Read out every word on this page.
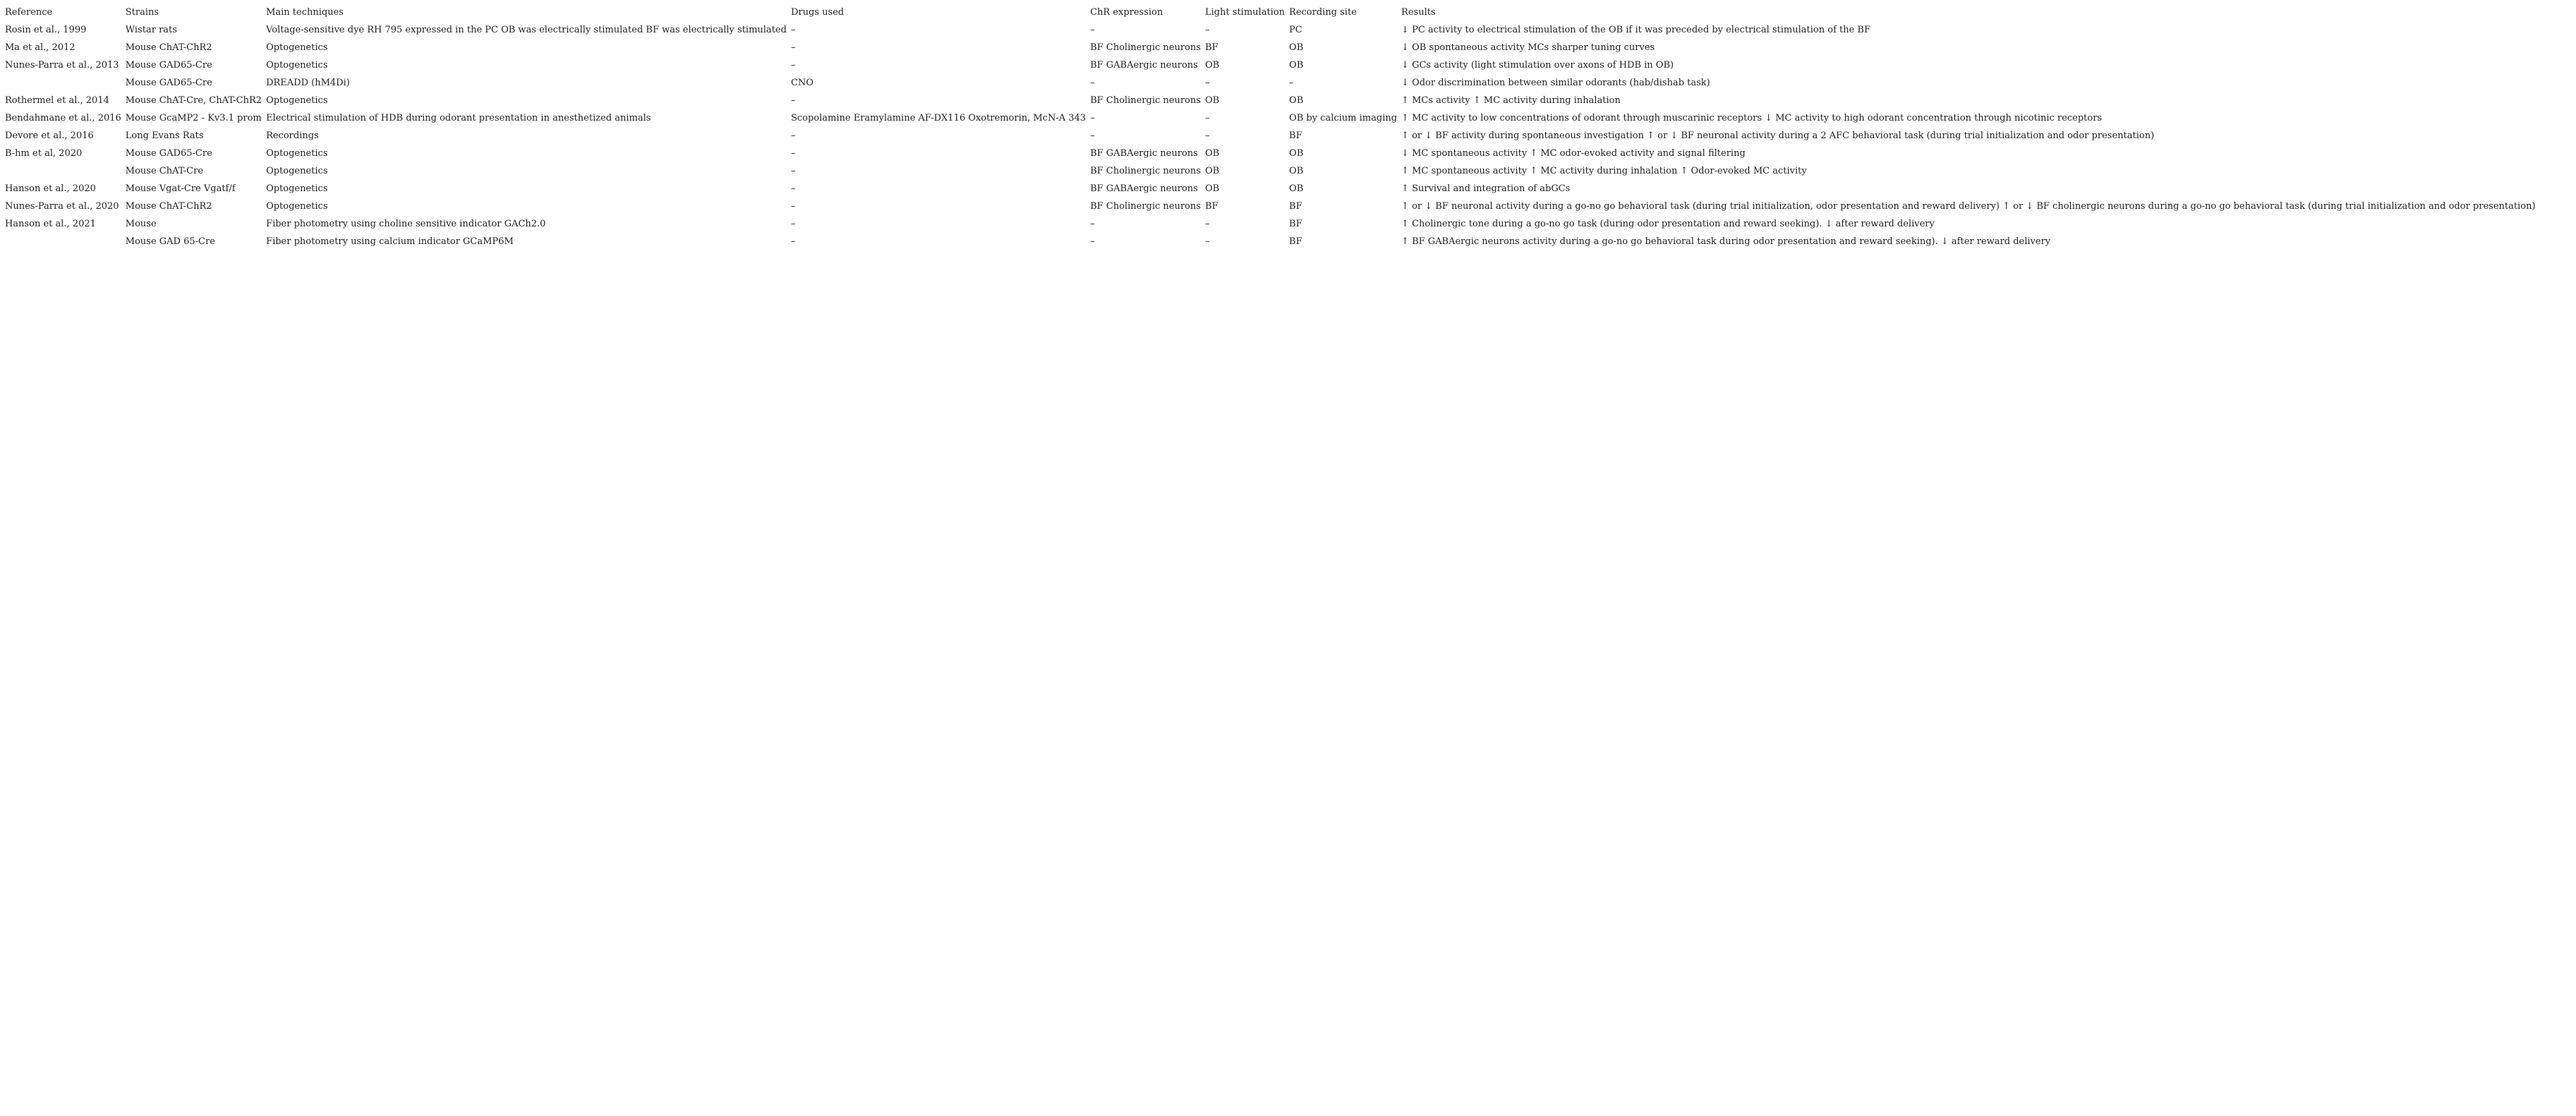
Reference	Strains	Main techniques	Drugs used	ChR expression	Light stimulation	Recording site	Results
Rosin et al., 1999	Wistar rats	Voltage-sensitive dye RH 795 expressed in the PC OB was electrically stimulated BF was electrically stimulated	–	–	–	PC	↓ PC activity to electrical stimulation of the OB if it was preceded by electrical stimulation of the BF
Ma et al., 2012	Mouse ChAT-ChR2	Optogenetics	–	BF Cholinergic neurons	BF	OB	↓ OB spontaneous activity MCs sharper tuning curves
Nunes-Parra et al., 2013	Mouse GAD65-Cre	Optogenetics	–	BF GABAergic neurons	OB	OB	↓ GCs activity (light stimulation over axons of HDB in OB)
	Mouse GAD65-Cre	DREADD (hM4Di)	CNO	–	–	–	↓ Odor discrimination between similar odorants (hab/dishab task)
Rothermel et al., 2014	Mouse ChAT-Cre, ChAT-ChR2	Optogenetics	–	BF Cholinergic neurons	OB	OB	↑ MCs activity ↑ MC activity during inhalation
Bendahmane et al., 2016	Mouse GcaMP2 - Kv3.1 prom	Electrical stimulation of HDB during odorant presentation in anesthetized animals	Scopolamine Eramylamine AF-DX116 Oxotremorin, McN-A 343	–	–	OB by calcium imaging	↑ MC activity to low concentrations of odorant through muscarinic receptors ↓ MC activity to high odorant concentration through nicotinic receptors
Devore et al., 2016	Long Evans Rats	Recordings	–	–	–	BF	↑ or ↓ BF activity during spontaneous investigation ↑ or ↓ BF neuronal activity during a 2 AFC behavioral task (during trial initialization and odor presentation)
B-hm et al, 2020	Mouse GAD65-Cre	Optogenetics	–	BF GABAergic neurons	OB	OB	↓ MC spontaneous activity ↑ MC odor-evoked activity and signal filtering
	Mouse ChAT-Cre	Optogenetics	–	BF Cholinergic neurons	OB	OB	↑ MC spontaneous activity ↑ MC activity during inhalation ↑ Odor-evoked MC activity
Hanson et al., 2020	Mouse Vgat-Cre Vgatf/f	Optogenetics	–	BF GABAergic neurons	OB	OB	↑ Survival and integration of abGCs
Nunes-Parra et al., 2020	Mouse ChAT-ChR2	Optogenetics	–	BF Cholinergic neurons	BF	BF	↑ or ↓ BF neuronal activity during a go-no go behavioral task (during trial initialization, odor presentation and reward delivery) ↑ or ↓ BF cholinergic neurons during a go-no go behavioral task (during trial initialization and odor presentation)
Hanson et al., 2021	Mouse	Fiber photometry using choline sensitive indicator GACh2.0	–	–	–	BF	↑ Cholinergic tone during a go-no go task (during odor presentation and reward seeking). ↓ after reward delivery
	Mouse GAD 65-Cre	Fiber photometry using calcium indicator GCaMP6M	–	–	–	BF	↑ BF GABAergic neurons activity during a go-no go behavioral task during odor presentation and reward seeking). ↓ after reward delivery
